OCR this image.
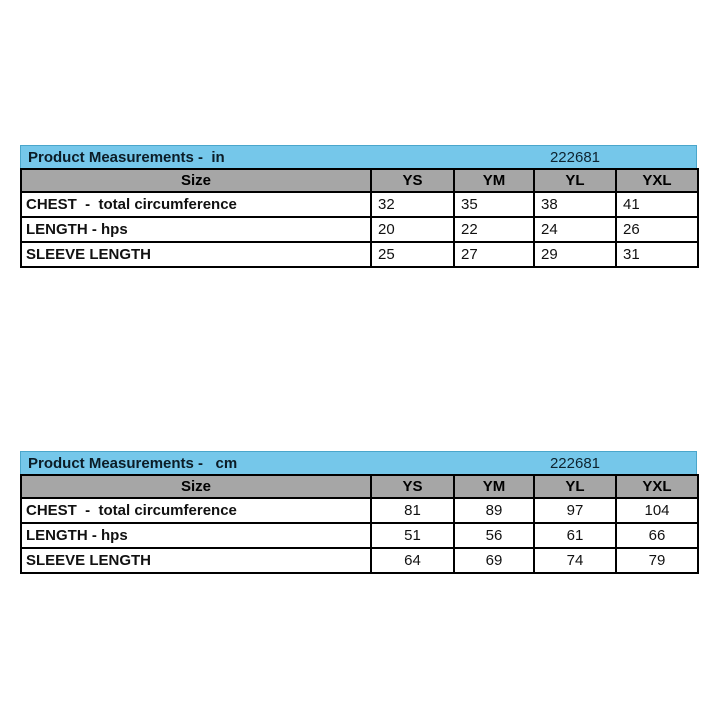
Product Measurements -  in	222681
Size	YS	YM	YL	YXL
CHEST  -  total circumference	32	35	38	41
LENGTH - hps	20	22	24	26
SLEEVE LENGTH	25	27	29	31
Product Measurements -   cm	222681
Size	YS	YM	YL	YXL
CHEST  -  total circumference	81	89	97	104
LENGTH - hps	51	56	61	66
SLEEVE LENGTH	64	69	74	79
